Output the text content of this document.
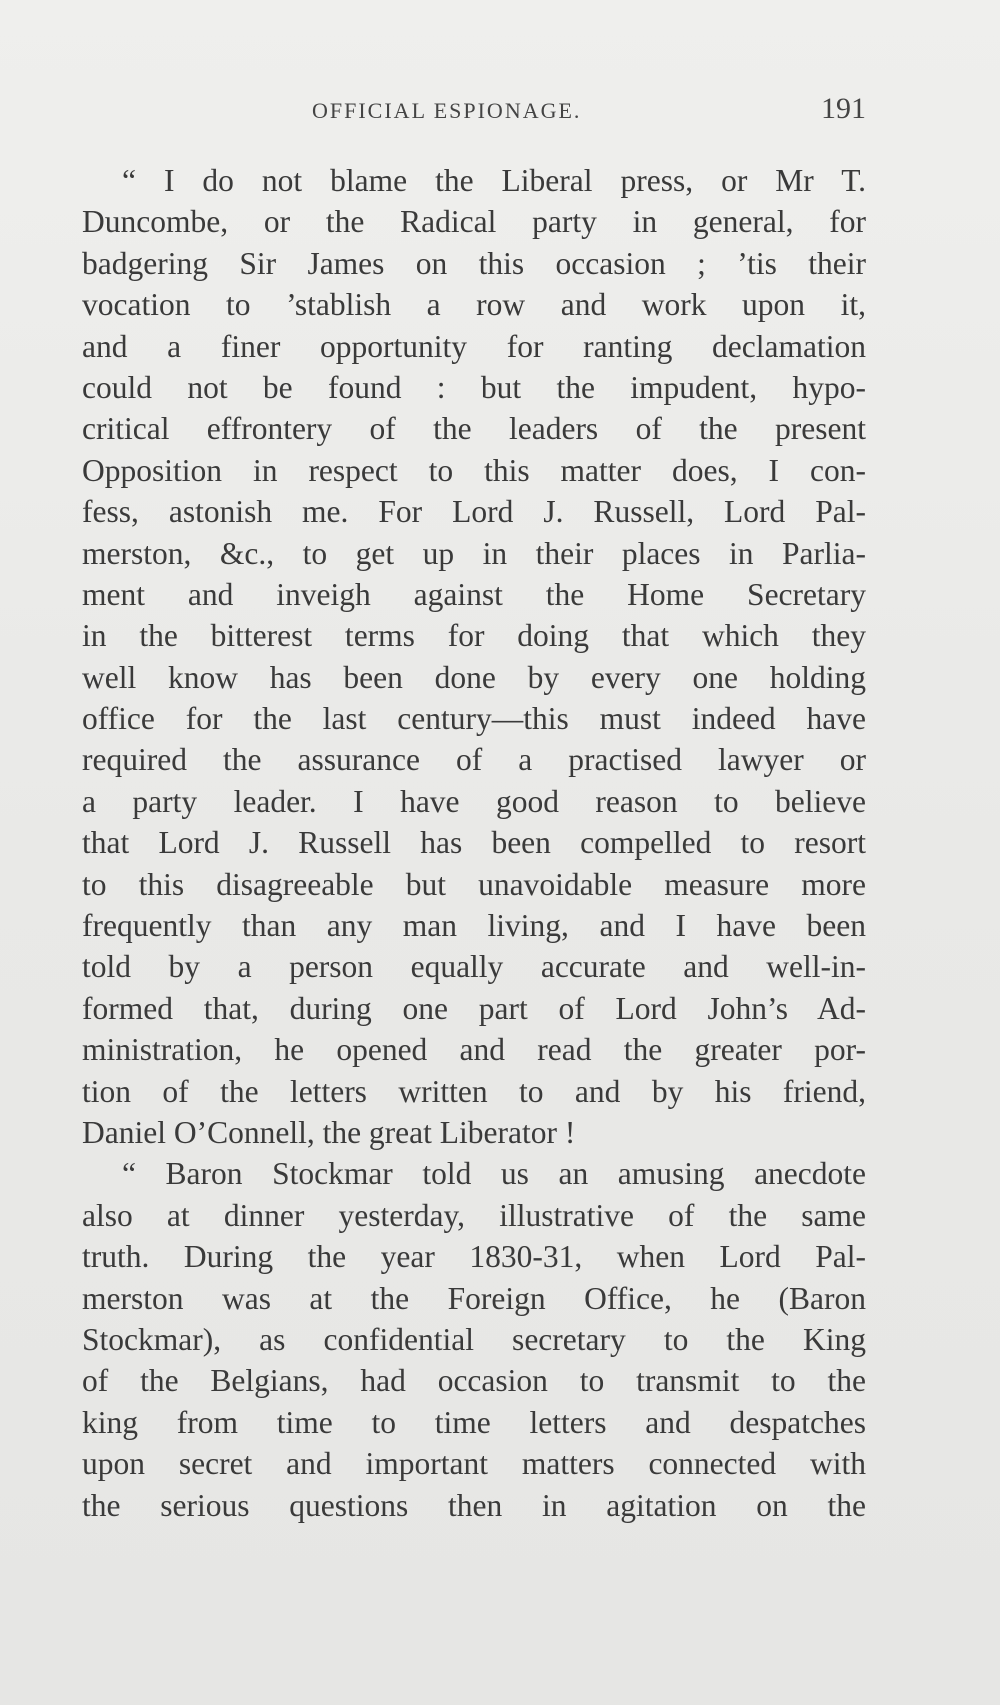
OFFICIAL ESPIONAGE.	191
“ I do not blame the Liberal press, or Mr T.
Duncombe, or the Radical party in general, for
badgering Sir James on this occasion ; ’tis their
vocation to ’stablish a row and work upon it,
and a finer opportunity for ranting declamation
could not be found : but the impudent, hypo-
critical effrontery of the leaders of the present
Opposition in respect to this matter does, I con-
fess, astonish me. For Lord J. Russell, Lord Pal-
merston, &c., to get up in their places in Parlia-
ment and inveigh against the Home Secretary
in the bitterest terms for doing that which they
well know has been done by every one holding
office for the last century—this must indeed have
required the assurance of a practised lawyer or
a party leader. I have good reason to believe
that Lord J. Russell has been compelled to resort
to this disagreeable but unavoidable measure more
frequently than any man living, and I have been
told by a person equally accurate and well-in-
formed that, during one part of Lord John’s Ad-
ministration, he opened and read the greater por-
tion of the letters written to and by his friend,
Daniel O’Connell, the great Liberator !
“ Baron Stockmar told us an amusing anecdote
also at dinner yesterday, illustrative of the same
truth. During the year 1830-31, when Lord Pal-
merston was at the Foreign Office, he (Baron
Stockmar), as confidential secretary to the King
of the Belgians, had occasion to transmit to the
king from time to time letters and despatches
upon secret and important matters connected with
the serious questions then in agitation on the
